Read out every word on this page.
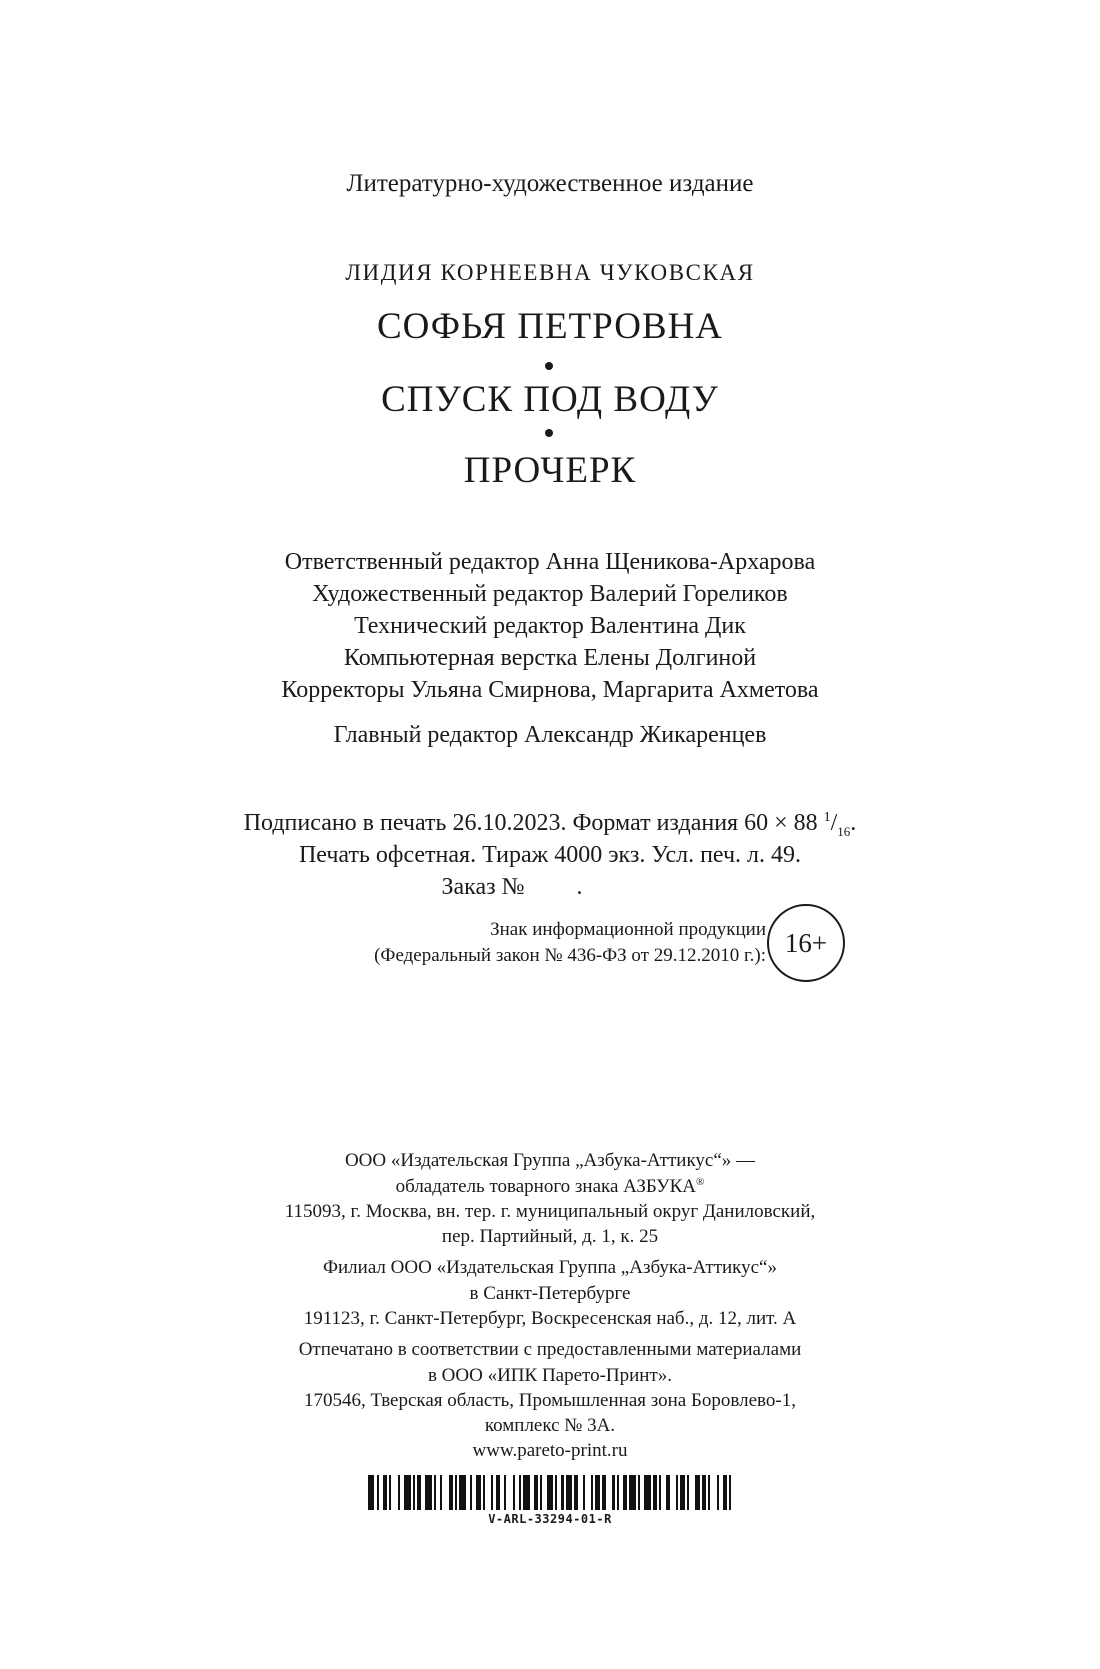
Литературно-художественное издание
ЛИДИЯ КОРНЕЕВНА ЧУКОВСКАЯ
СОФЬЯ ПЕТРОВНА
СПУСК ПОД ВОДУ
ПРОЧЕРК
Ответственный редактор Анна Щеникова-Архарова
Художественный редактор Валерий Гореликов
Технический редактор Валентина Дик
Компьютерная верстка Елены Долгиной
Корректоры Ульяна Смирнова, Маргарита Ахметова
Главный редактор Александр Жикаренцев
Подписано в печать 26.10.2023. Формат издания 60 × 88 $^1/_{16}$.
Печать офсетная. Тираж 4000 экз. Усл. печ. л. 49.
Заказ № .
Знак информационной продукции
(Федеральный закон № 436-ФЗ от 29.12.2010 г.): 16+
ООО «Издательская Группа „Азбука-Аттикус“» —
обладатель товарного знака АЗБУКА®
115093, г. Москва, вн. тер. г. муниципальный округ Даниловский,
пер. Партийный, д. 1, к. 25
Филиал ООО «Издательская Группа „Азбука-Аттикус“»
в Санкт-Петербурге
191123, г. Санкт-Петербург, Воскресенская наб., д. 12, лит. А
Отпечатано в соответствии с предоставленными материалами
в ООО «ИПК Парето-Принт».
170546, Тверская область, Промышленная зона Боровлево-1,
комплекс № 3А.
www.pareto-print.ru
V-ARL-33294-01-R
